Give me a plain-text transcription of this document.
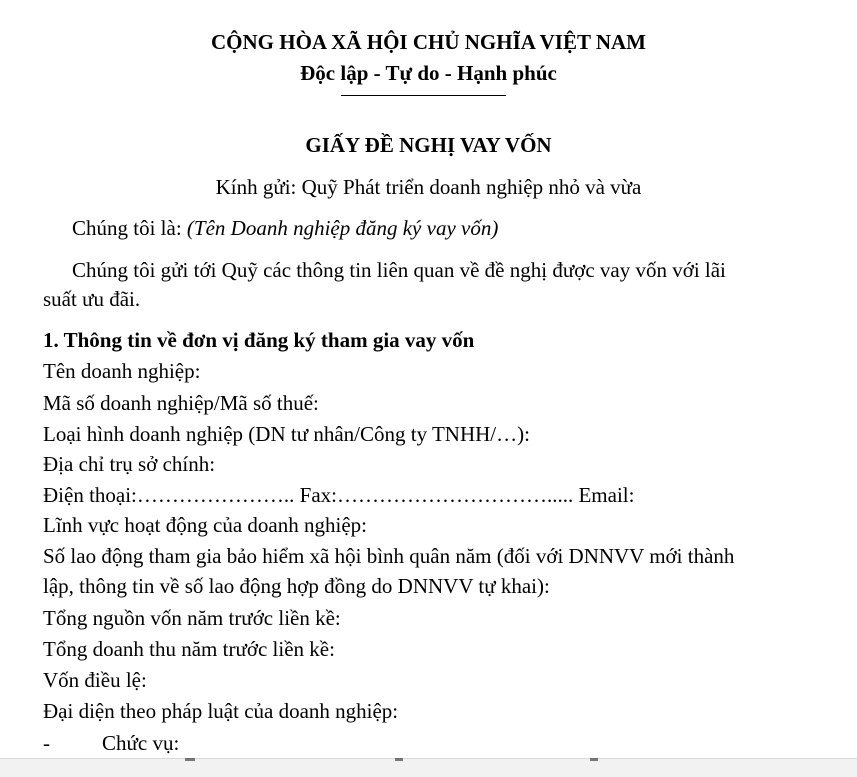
CỘNG HÒA XÃ HỘI CHỦ NGHĨA VIỆT NAM
Độc lập - Tự do - Hạnh phúc
GIẤY ĐỀ NGHỊ VAY VỐN
Kính gửi: Quỹ Phát triển doanh nghiệp nhỏ và vừa
Chúng tôi là: (Tên Doanh nghiệp đăng ký vay vốn)
Chúng tôi gửi tới Quỹ các thông tin liên quan về đề nghị được vay vốn với lãi
suất ưu đãi.
1. Thông tin về đơn vị đăng ký tham gia vay vốn
Tên doanh nghiệp:
Mã số doanh nghiệp/Mã số thuế:
Loại hình doanh nghiệp (DN tư nhân/Công ty TNHH/…):
Địa chỉ trụ sở chính:
Điện thoại:………………….. Fax:…………………………..... Email:
Lĩnh vực hoạt động của doanh nghiệp:
Số lao động tham gia bảo hiểm xã hội bình quân năm (đối với DNNVV mới thành
lập, thông tin về số lao động hợp đồng do DNNVV tự khai):
Tổng nguồn vốn năm trước liền kề:
Tổng doanh thu năm trước liền kề:
Vốn điều lệ:
Đại diện theo pháp luật của doanh nghiệp:
- Chức vụ:
